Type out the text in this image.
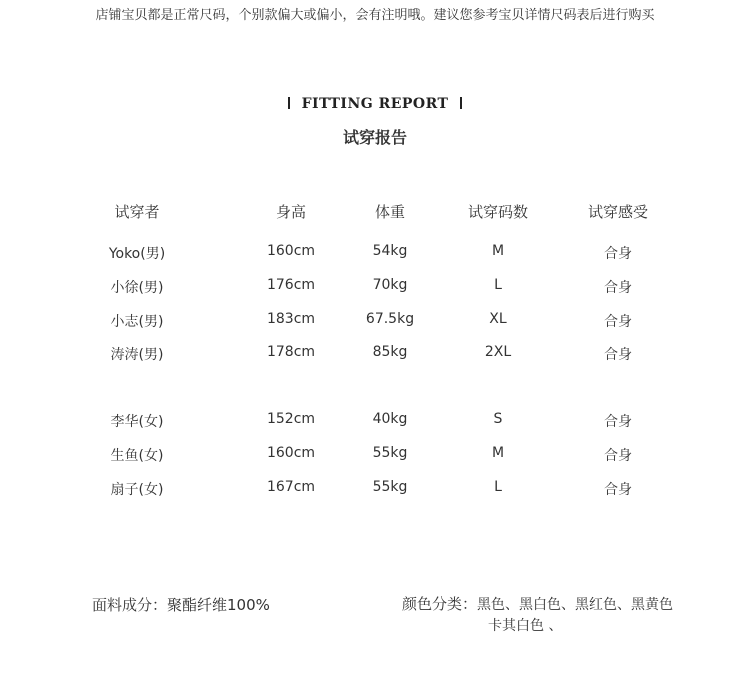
店铺宝贝都是正常尺码，个别款偏大或偏小，会有注明哦。建议您参考宝贝详情尺码表后进行购买
FITTING REPORT
试穿报告
试穿者	身高	体重	试穿码数	试穿感受
Yoko(男)	160cm	54kg	M	合身
小徐(男)	176cm	70kg	L	合身
小志(男)	183cm	67.5kg	XL	合身
涛涛(男)	178cm	85kg	2XL	合身
李华(女)	152cm	40kg	S	合身
生鱼(女)	160cm	55kg	M	合身
扇子(女)	167cm	55kg	L	合身
面料成分：聚酯纤维100%	颜色分类：黑色、黑白色、黑红色、黑黄色
卡其白色 、
